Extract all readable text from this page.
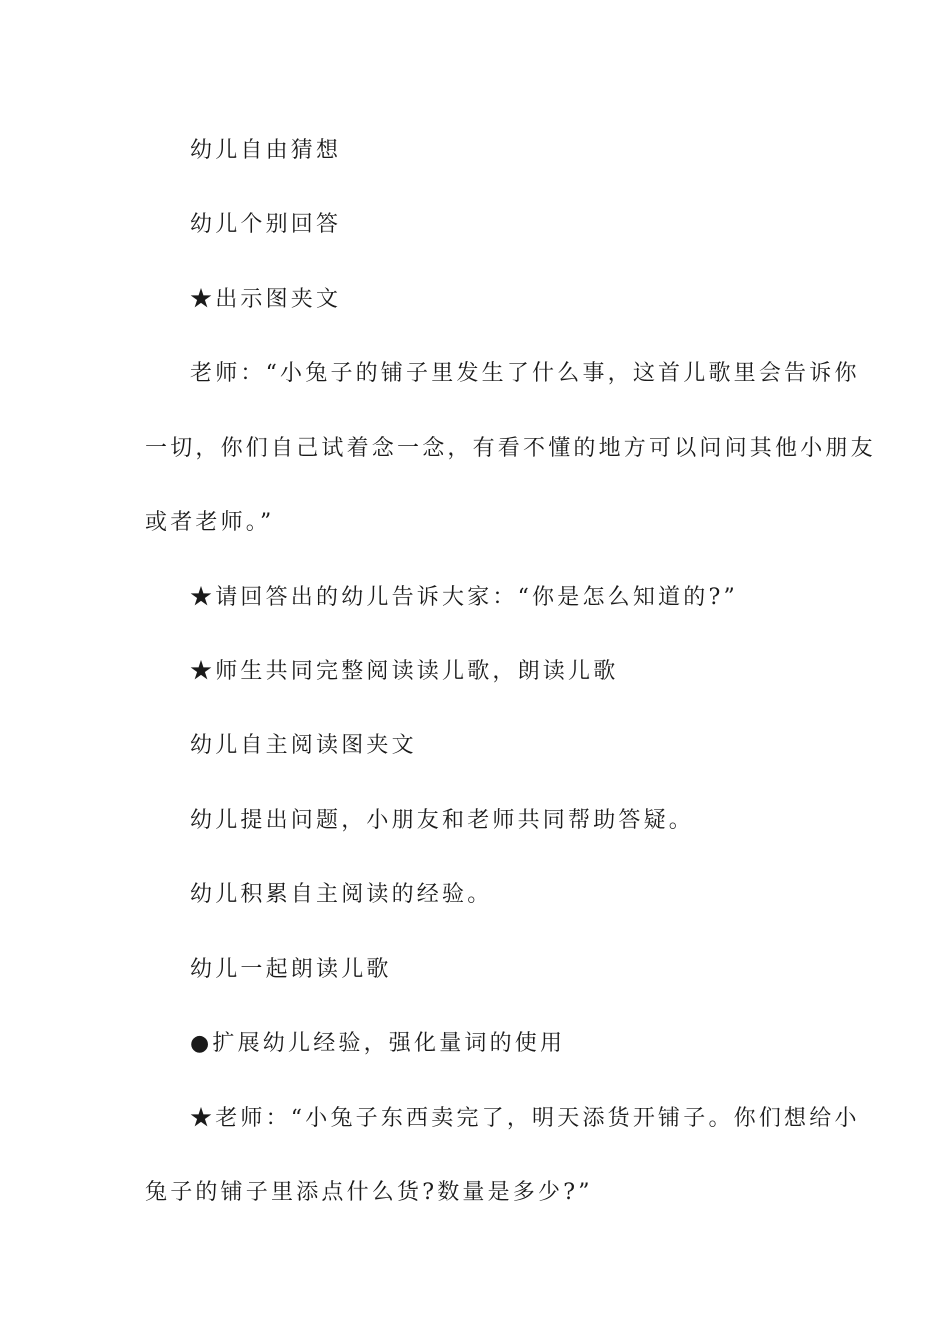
幼儿自由猜想
幼儿个别回答
★出示图夹文
老师：“小兔子的铺子里发生了什么事，这首儿歌里会告诉你
一切，你们自己试着念一念，有看不懂的地方可以问问其他小朋友
或者老师。”
★请回答出的幼儿告诉大家：“你是怎么知道的?”
★师生共同完整阅读读儿歌，朗读儿歌
幼儿自主阅读图夹文
幼儿提出问题，小朋友和老师共同帮助答疑。
幼儿积累自主阅读的经验。
幼儿一起朗读儿歌
●扩展幼儿经验，强化量词的使用
★老师：“小兔子东西卖完了，明天添货开铺子。你们想给小
兔子的铺子里添点什么货?数量是多少?”
